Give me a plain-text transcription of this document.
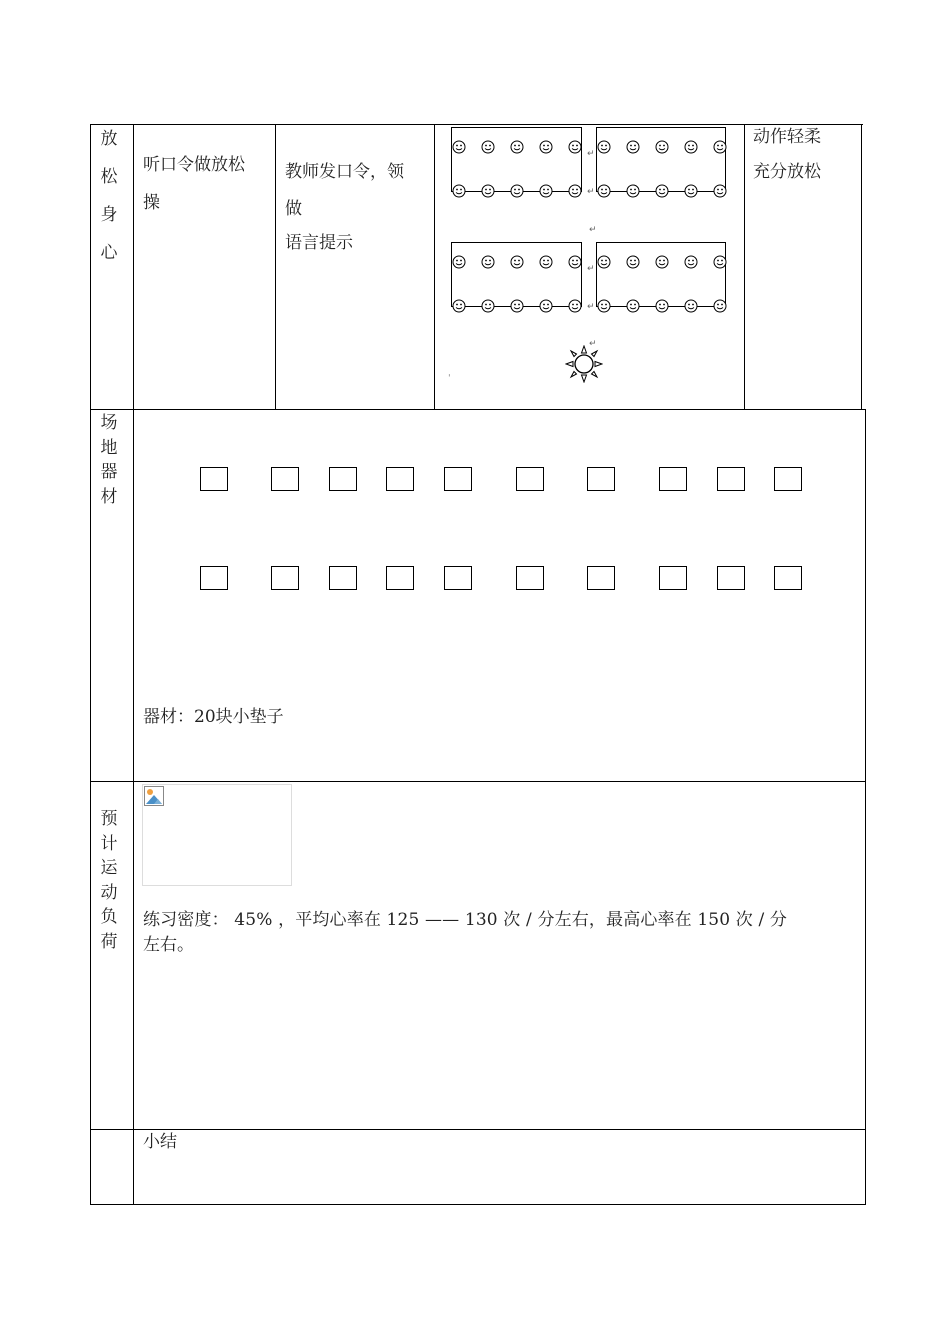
放
松
身
心
听口令做放松
操
教师发口令，领
做
语言提示
动作轻柔
充分放松
↵
↵
↵
↵
↵
↵
ˈ
场
地
器
材
器材：20块小垫子
预
计
运
动
负
荷
练习密度： 45% ，平均心率在 125 —— 130 次 / 分左右，最高心率在 150 次 / 分
左右。
小结
